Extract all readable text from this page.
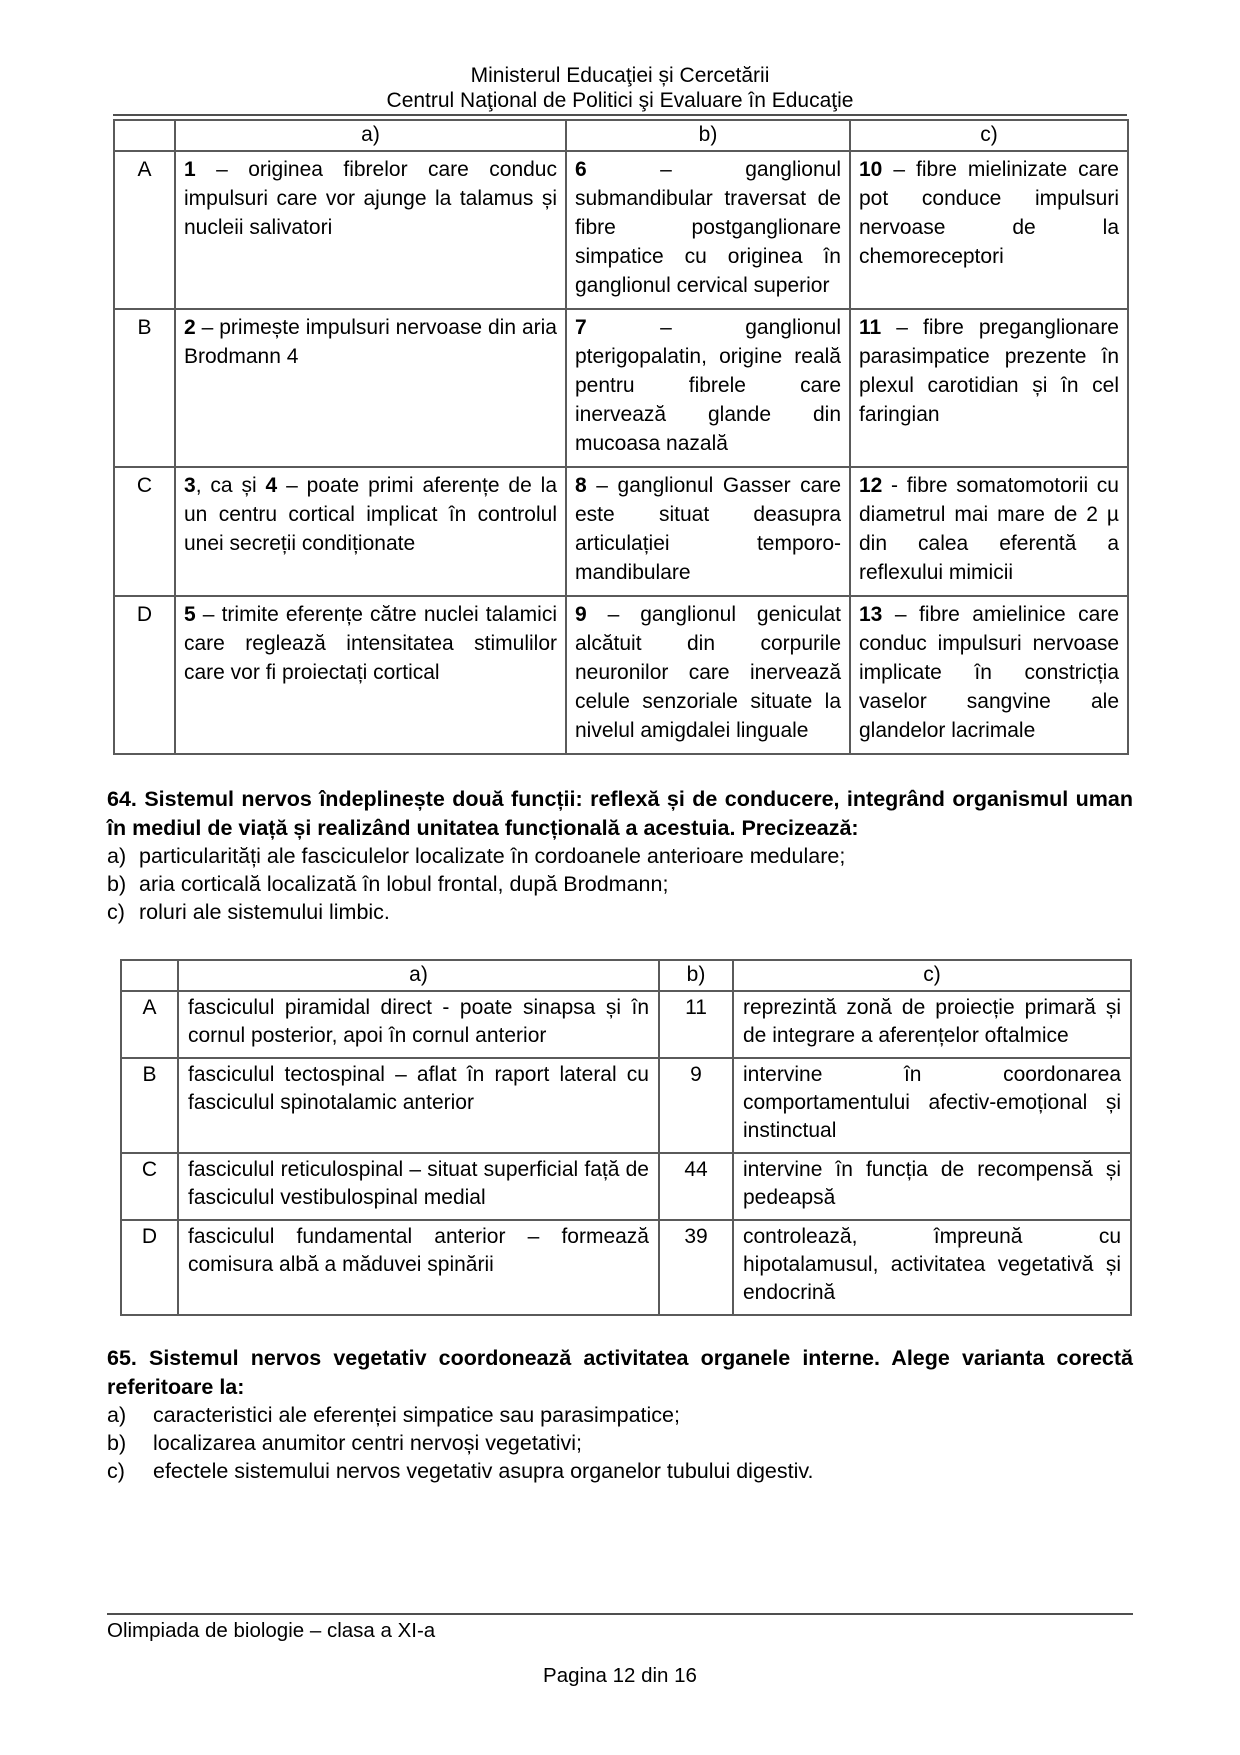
Ministerul Educaţiei și Cercetării
Centrul Naţional de Politici şi Evaluare în Educaţie
	a)	b)	c)
A	1 – originea fibrelor care conduc impulsuri care vor ajunge la talamus și nucleii salivatori	6 – ganglionul submandibular traversat de fibre postganglionare simpatice cu originea în ganglionul cervical superior	10 – fibre mielinizate care pot conduce impulsuri nervoase de la chemoreceptori
B	2 – primește impulsuri nervoase din aria Brodmann 4	7 – ganglionul pterigopalatin, origine reală pentru fibrele care inervează glande din mucoasa nazală	11 – fibre preganglionare parasimpatice prezente în plexul carotidian și în cel faringian
C	3, ca și 4 – poate primi aferențe de la un centru cortical implicat în controlul unei secreții condiționate	8 – ganglionul Gasser care este situat deasupra articulației temporo-mandibulare	12 - fibre somatomotorii cu diametrul mai mare de 2 µ din calea eferentă a reflexului mimicii
D	5 – trimite eferențe către nuclei talamici care reglează intensitatea stimulilor care vor fi proiectați cortical	9 – ganglionul geniculat alcătuit din corpurile neuronilor care inervează celule senzoriale situate la nivelul amigdalei linguale	13 – fibre amielinice care conduc impulsuri nervoase implicate în constricția vaselor sangvine ale glandelor lacrimale

64. Sistemul nervos îndeplinește două funcții: reflexă și de conducere, integrând organismul uman în mediul de viață și realizând unitatea funcțională a acestuia. Precizează:

a) particularități ale fasciculelor localizate în cordoanele anterioare medulare;
b) aria corticală localizată în lobul frontal, după Brodmann;
c) roluri ale sistemului limbic.
	a)	b)	c)
A	fasciculul piramidal direct - poate sinapsa și în cornul posterior, apoi în cornul anterior	11	reprezintă zonă de proiecție primară și de integrare a aferențelor oftalmice
B	fasciculul tectospinal – aflat în raport lateral cu fasciculul spinotalamic anterior	9	intervine în coordonarea comportamentului afectiv-emoțional și instinctual
C	fasciculul reticulospinal – situat superficial față de fasciculul vestibulospinal medial	44	intervine în funcția de recompensă și pedeapsă
D	fasciculul fundamental anterior – formează comisura albă a măduvei spinării	39	controlează, împreună cu hipotalamusul, activitatea vegetativă și endocrină

65. Sistemul nervos vegetativ coordonează activitatea organele interne. Alege varianta corectă referitoare la:

a)	caracteristici ale eferenței simpatice sau parasimpatice;
b)	localizarea anumitor centri nervoși vegetativi;
c)	efectele sistemului nervos vegetativ asupra organelor tubului digestiv.
Olimpiada de biologie – clasa a XI-a
Pagina 12 din 16
